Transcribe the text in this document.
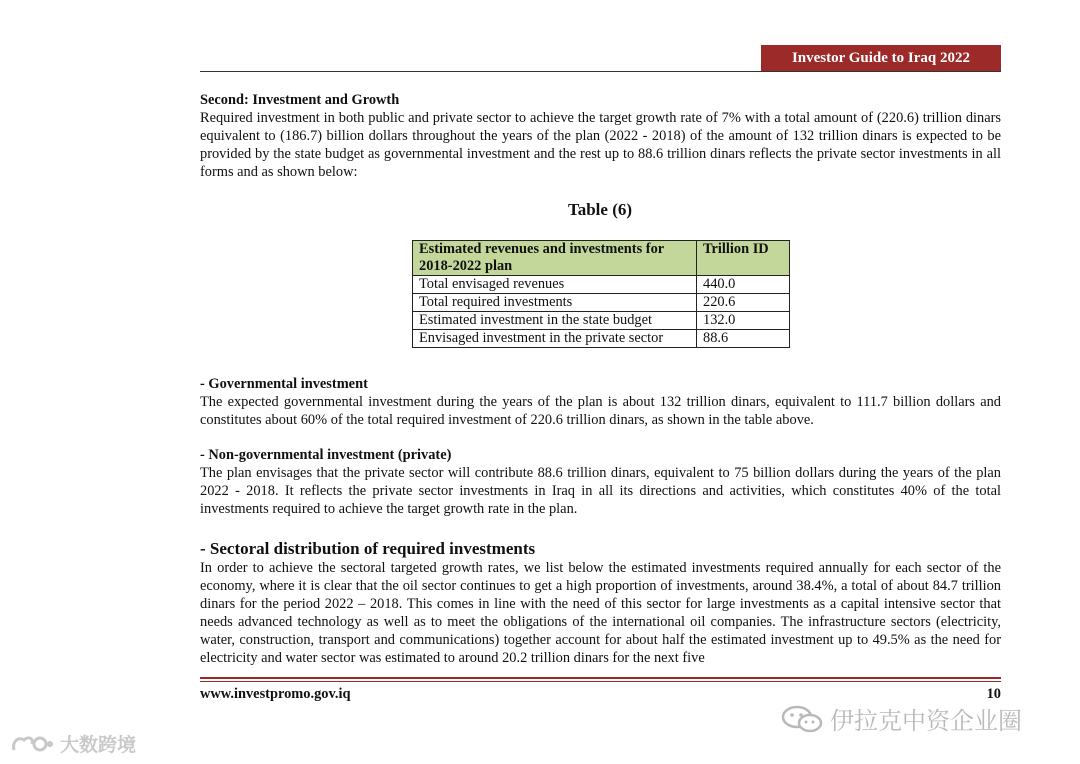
Investor Guide to Iraq 2022

Second: Investment and Growth

Required investment in both public and private sector to achieve the target growth rate of 7% with a total amount of (220.6) trillion dinars equivalent to (186.7) billion dollars throughout the years of the plan (2022 - 2018) of the amount of 132 trillion dinars is expected to be provided by the state budget as governmental investment and the rest up to 88.6 trillion dinars reflects the private sector investments in all forms and as shown below:

Table (6)
Estimated revenues and investments for 2018-2022 plan	Trillion ID
Total envisaged revenues	440.0
Total required investments	220.6
Estimated investment in the state budget	132.0
Envisaged investment in the private sector	88.6

- Governmental investment

The expected governmental investment during the years of the plan is about 132 trillion dinars, equivalent to 111.7 billion dollars and constitutes about 60% of the total required investment of 220.6 trillion dinars, as shown in the table above.

- Non-governmental investment (private)

The plan envisages that the private sector will contribute 88.6 trillion dinars, equivalent to 75 billion dollars during the years of the plan 2022 - 2018. It reflects the private sector investments in Iraq in all its directions and activities, which constitutes 40% of the total investments required to achieve the target growth rate in the plan.

- Sectoral distribution of required investments

In order to achieve the sectoral targeted growth rates, we list below the estimated investments required annually for each sector of the economy, where it is clear that the oil sector continues to get a high proportion of investments, around 38.4%, a total of about 84.7 trillion dinars for the period 2022 – 2018. This comes in line with the need of this sector for large investments as a capital intensive sector that needs advanced technology as well as to meet the obligations of the international oil companies. The infrastructure sectors (electricity, water, construction, transport and communications) together account for about half the estimated investment up to 49.5% as the need for electricity and water sector was estimated to around 20.2 trillion dinars for the next five

www.investpromo.gov.iq	10
大数跨境
伊拉克中资企业圈
